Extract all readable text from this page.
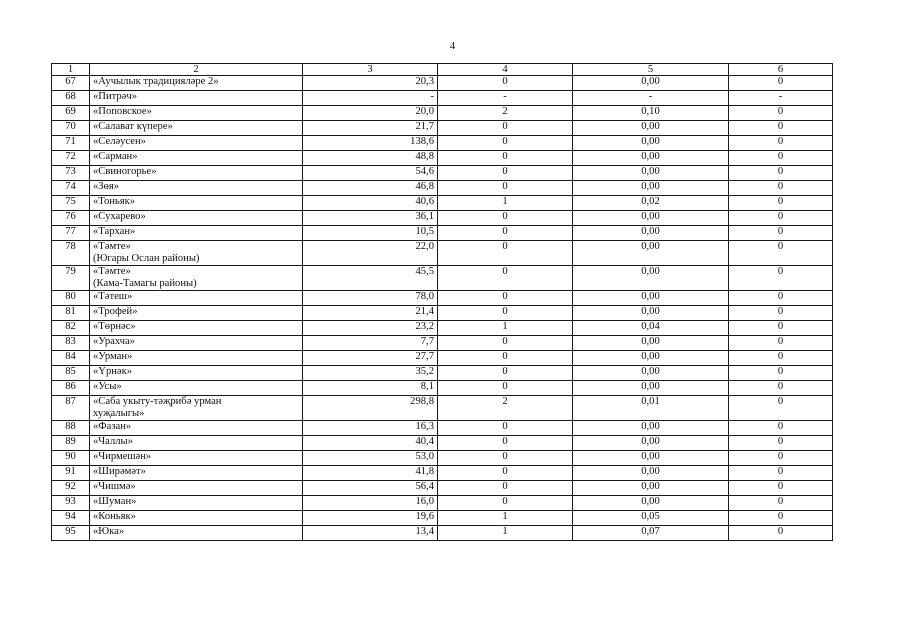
4
1	2	3	4	5	6
67	«Аучылык традицияләре 2»	20,3	0	0,00	0
68	«Питрәч»	-	-	-	-
69	«Поповское»	20,0	2	0,10	0
70	«Салават күпере»	21,7	0	0,00	0
71	«Селәусен»	138,6	0	0,00	0
72	«Сарман»	48,8	0	0,00	0
73	«Свиногорье»	54,6	0	0,00	0
74	«Зөя»	46,8	0	0,00	0
75	«Тоньяк»	40,6	1	0,02	0
76	«Сухарево»	36,1	0	0,00	0
77	«Тархан»	10,5	0	0,00	0
78	«Тәмте»
(Югары Ослан районы)	22,0	0	0,00	0
79	«Тәмте»
(Кама-Тамагы районы)	45,5	0	0,00	0
80	«Тәтеш»	78,0	0	0,00	0
81	«Трофей»	21,4	0	0,00	0
82	«Төрнәс»	23,2	1	0,04	0
83	«Урахча»	7,7	0	0,00	0
84	«Урман»	27,7	0	0,00	0
85	«Үрнәк»	35,2	0	0,00	0
86	«Усы»	8,1	0	0,00	0
87	«Саба укыту-тәҗрибә урман
хуҗалыгы»	298,8	2	0,01	0
88	«Фазан»	16,3	0	0,00	0
89	«Чаллы»	40,4	0	0,00	0
90	«Чирмешән»	53,0	0	0,00	0
91	«Ширәмәт»	41,8	0	0,00	0
92	«Чишмә»	56,4	0	0,00	0
93	«Шуман»	16,0	0	0,00	0
94	«Коньяк»	19,6	1	0,05	0
95	«Юка»	13,4	1	0,07	0
